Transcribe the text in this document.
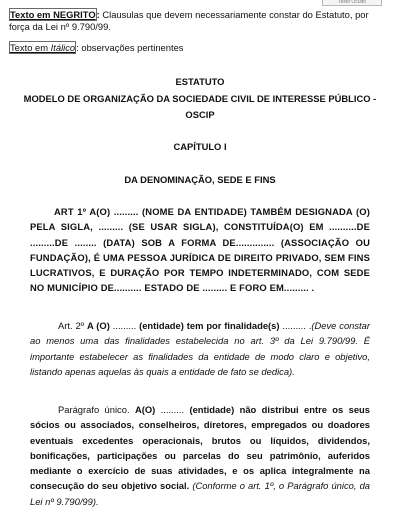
Texto Oculto
Texto em NEGRITO: Clausulas que devem necessariamente constar do Estatuto, por força da Lei nº 9.790/99.
Texto em Itálico: observações pertinentes
ESTATUTO
MODELO DE ORGANIZAÇÃO DA SOCIEDADE CIVIL DE INTERESSE PÚBLICO -
OSCIP
CAPÍTULO I
DA DENOMINAÇÃO, SEDE E FINS

ART 1º A(O) ......... (NOME DA ENTIDADE) TAMBÉM DESIGNADA (O) PELA SIGLA, ......... (SE USAR SIGLA), CONSTITUÍDA(O) EM ..........DE .........DE ........ (DATA) SOB A FORMA DE.............. (ASSOCIAÇÃO OU FUNDAÇÃO), É UMA PESSOA JURÍDICA DE DIREITO PRIVADO, SEM FINS LUCRATIVOS, E DURAÇÃO POR TEMPO INDETERMINADO, COM SEDE NO MUNICÍPIO DE.......... ESTADO DE ......... E FORO EM......... .

Art. 2º A (O) ......... (entidade) tem por finalidade(s) ......... .(Deve constar ao menos uma das finalidades estabelecida no art. 3º da Lei 9.790/99. É importante estabelecer as finalidades da entidade de modo claro e objetivo, listando apenas aquelas às quais a entidade de fato se dedica).

Parágrafo único. A(O) ......... (entidade) não distribui entre os seus sócios ou associados, conselheiros, diretores, empregados ou doadores eventuais excedentes operacionais, brutos ou líquidos, dividendos, bonificações, participações ou parcelas do seu patrimônio, auferidos mediante o exercício de suas atividades, e os aplica integralmente na consecução do seu objetivo social. (Conforme o art. 1º, o Parágrafo único, da Lei nº 9.790/99).
